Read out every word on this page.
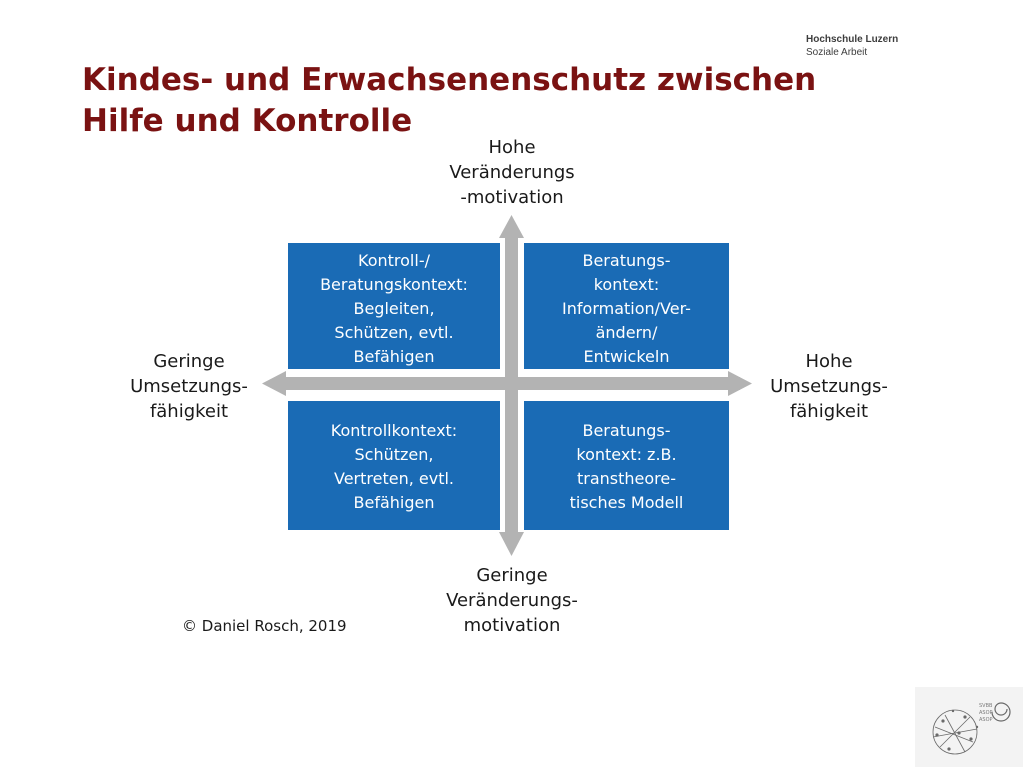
Hochschule Luzern
Soziale Arbeit
Kindes- und Erwachsenenschutz zwischen
Hilfe und Kontrolle
Kontroll-/
Beratungskontext:
Begleiten,
Schützen, evtl.
Befähigen
Beratungs-
kontext:
Information/Ver-
ändern/
Entwickeln
Kontrollkontext:
Schützen,
Vertreten, evtl.
Befähigen
Beratungs-
kontext: z.B.
transtheore-
tisches Modell
Hohe
Veränderungs
-motivation
Geringe
Veränderungs-
motivation
Geringe
Umsetzungs-
fähigkeit
Hohe
Umsetzungs-
fähigkeit
© Daniel Rosch, 2019
SVBB
ASOP
ASOP
